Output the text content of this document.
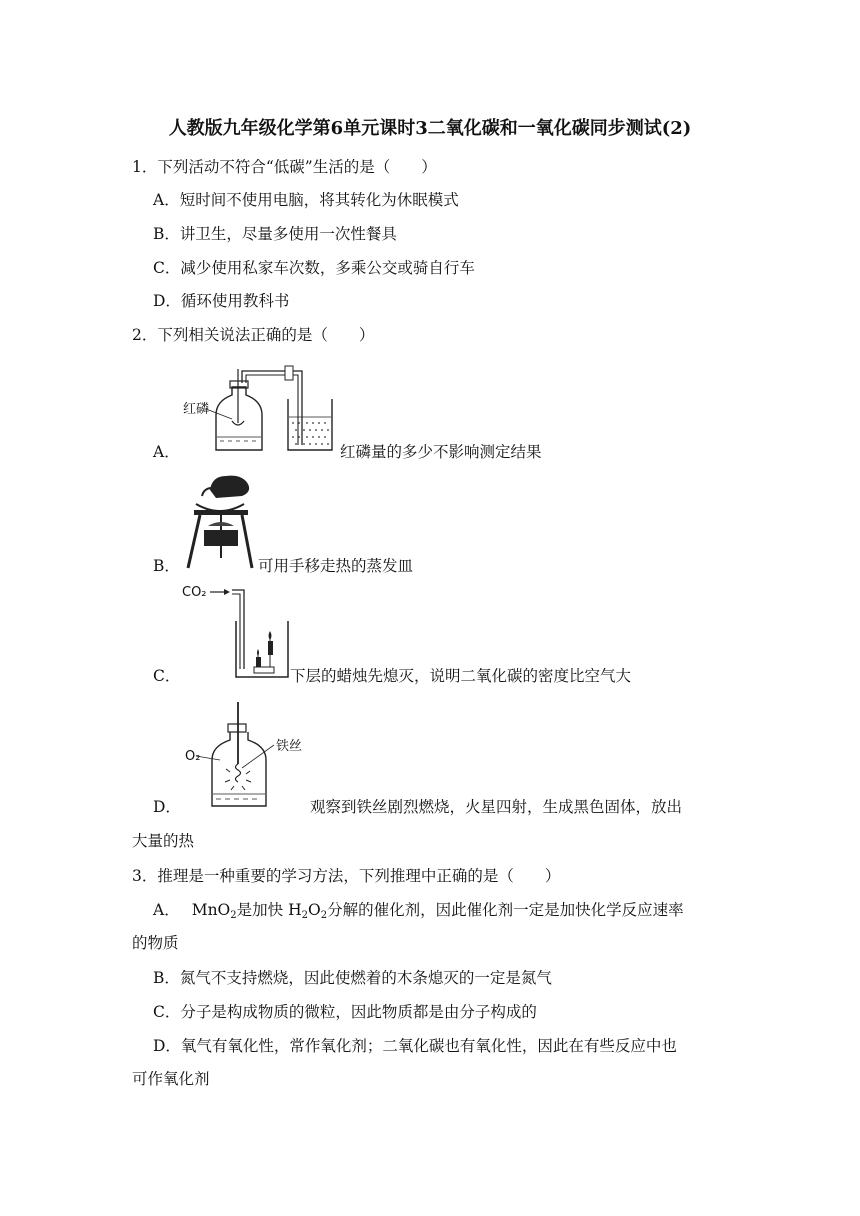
人教版九年级化学第6单元课时3二氧化碳和一氧化碳同步测试(2)
1．下列活动不符合“低碳”生活的是（　　）
A．短时间不使用电脑，将其转化为休眠模式
B．讲卫生，尽量多使用一次性餐具
C．减少使用私家车次数，多乘公交或骑自行车
D．循环使用教科书
2．下列相关说法正确的是（　　）
A．
红磷
红磷量的多少不影响测定结果
B．	可用手移走热的蒸发皿
C．
CO₂
下层的蜡烛先熄灭，说明二氧化碳的密度比空气大
D．
O₂
铁丝
观察到铁丝剧烈燃烧，火星四射，生成黑色固体，放出
大量的热
3．推理是一种重要的学习方法，下列推理中正确的是（　　）
A． MnO$_2$是加快 $H_2O_2$分解的催化剂，因此催化剂一定是加快化学反应速率
的物质
B．氮气不支持燃烧，因此使燃着的木条熄灭的一定是氮气
C．分子是构成物质的微粒，因此物质都是由分子构成的
D．氧气有氧化性，常作氧化剂；二氧化碳也有氧化性，因此在有些反应中也
可作氧化剂
